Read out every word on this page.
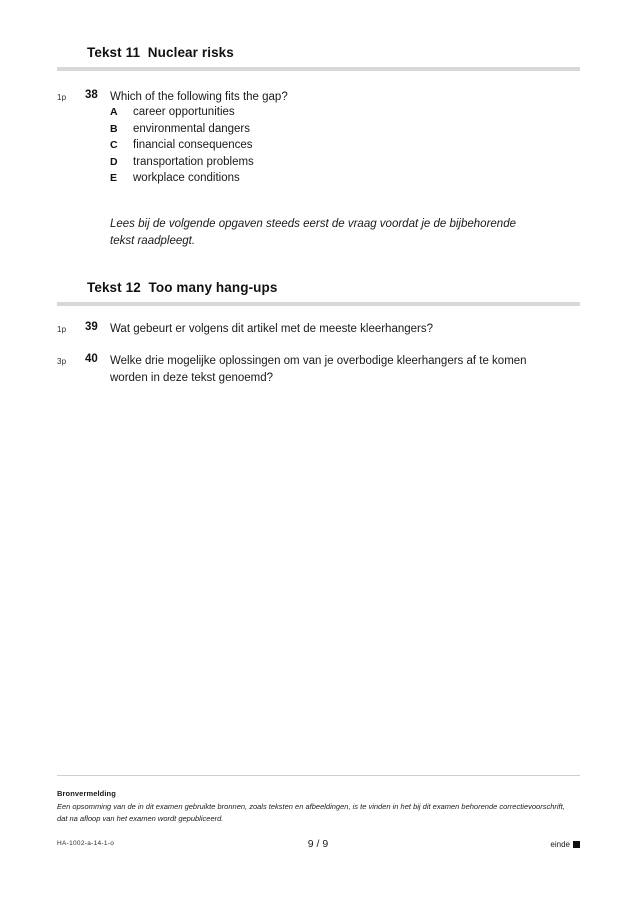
Tekst 11  Nuclear risks
1p	38	Which of the following fits the gap?
A career opportunities
B environmental dangers
C financial consequences
D transportation problems
E workplace conditions
Lees bij de volgende opgaven steeds eerst de vraag voordat je de bijbehorende tekst raadpleegt.
Tekst 12  Too many hang-ups
1p	39	Wat gebeurt er volgens dit artikel met de meeste kleerhangers?
3p	40	Welke drie mogelijke oplossingen om van je overbodige kleerhangers af te komen worden in deze tekst genoemd?
Bronvermelding
Een opsomming van de in dit examen gebruikte bronnen, zoals teksten en afbeeldingen, is te vinden in het bij dit examen behorende correctievoorschrift, dat na afloop van het examen wordt gepubliceerd.
HA-1002-a-14-1-o	9 / 9	einde
